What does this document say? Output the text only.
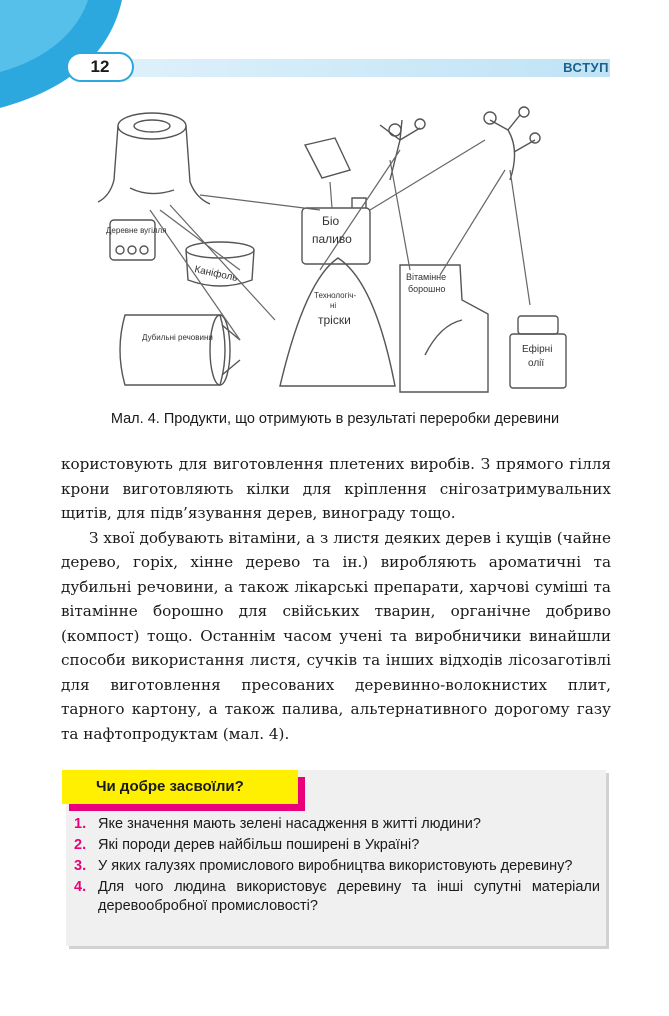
12	ВСТУП
Деревне вугілля
Каніфоль
Дубильні речовини
Біо
паливо
Технологіч-
ні
тріски
Вітамінне
борошно
Ефірні
олії
Мал. 4. Продукти, що отримують в результаті переробки деревини

користовують для виготовлення плетених виробів. З прямого гілля крони виготовляють кілки для кріплення снігозатримувальних щитів, для підв’язування дерев, винограду тощо.

З хвої добувають вітаміни, а з листя деяких дерев і кущів (чайне дерево, горіх, хінне дерево та ін.) виробляють ароматичні та дубильні речовини, а також лікарські препарати, харчові суміші та вітамінне борошно для свійських тварин, органічне добриво (компост) тощо. Останнім часом учені та виробничики винайшли способи використання листя, сучків та інших відходів лісозаготівлі для виготовлення пресованих деревинно-волокнистих плит, тарного картону, а також палива, альтернативного дорогому газу та нафтопродуктам (мал. 4).

Чи добре засвоїли?
1. Яке значення мають зелені насадження в житті людини?
2. Які породи дерев найбільш поширені в Україні?
3. У яких галузях промислового виробництва використовують деревину?
4. Для чого людина використовує деревину та інші супутні матеріали деревообробної промисловості?
